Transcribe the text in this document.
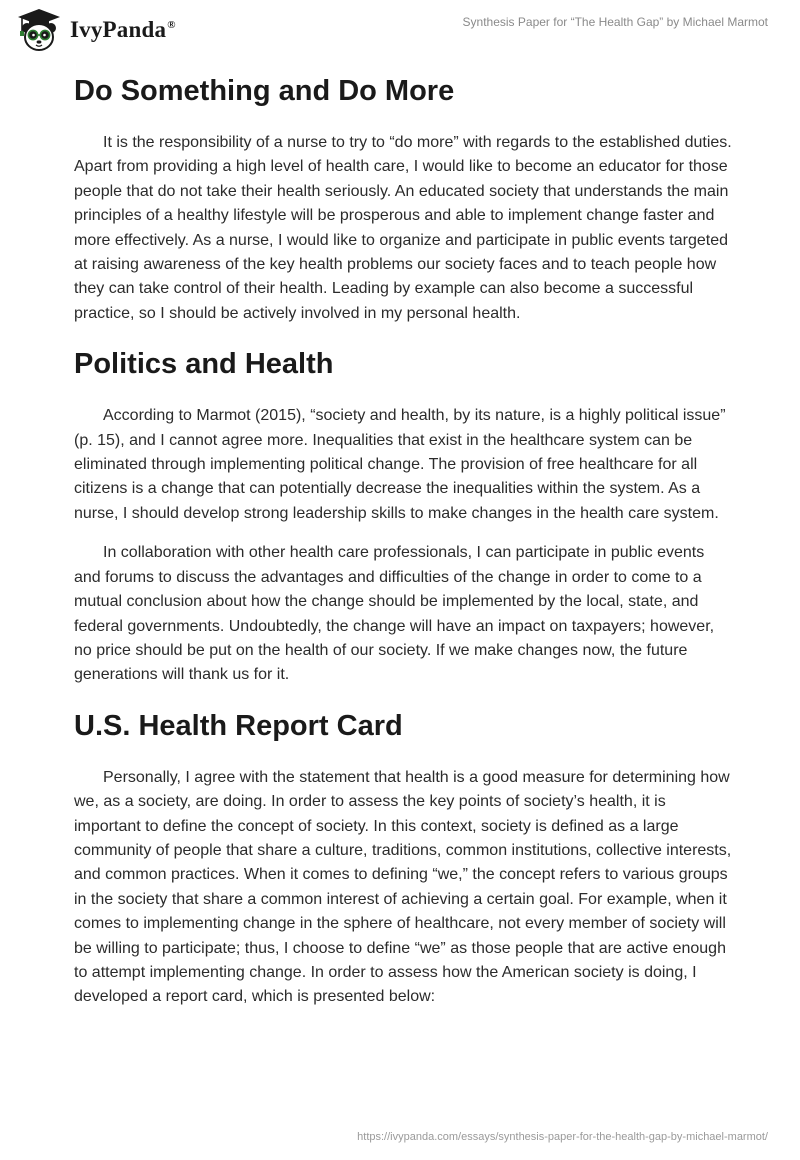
IvyPanda®	Synthesis Paper for “The Health Gap” by Michael Marmot
Do Something and Do More

It is the responsibility of a nurse to try to “do more” with regards to the established duties. Apart from providing a high level of health care, I would like to become an educator for those people that do not take their health seriously. An educated society that understands the main principles of a healthy lifestyle will be prosperous and able to implement change faster and more effectively. As a nurse, I would like to organize and participate in public events targeted at raising awareness of the key health problems our society faces and to teach people how they can take control of their health. Leading by example can also become a successful practice, so I should be actively involved in my personal health.

Politics and Health

According to Marmot (2015), “society and health, by its nature, is a highly political issue” (p. 15), and I cannot agree more. Inequalities that exist in the healthcare system can be eliminated through implementing political change. The provision of free healthcare for all citizens is a change that can potentially decrease the inequalities within the system. As a nurse, I should develop strong leadership skills to make changes in the health care system.

In collaboration with other health care professionals, I can participate in public events and forums to discuss the advantages and difficulties of the change in order to come to a mutual conclusion about how the change should be implemented by the local, state, and federal governments. Undoubtedly, the change will have an impact on taxpayers; however, no price should be put on the health of our society. If we make changes now, the future generations will thank us for it.

U.S. Health Report Card

Personally, I agree with the statement that health is a good measure for determining how we, as a society, are doing. In order to assess the key points of society’s health, it is important to define the concept of society. In this context, society is defined as a large community of people that share a culture, traditions, common institutions, collective interests, and common practices. When it comes to defining “we,” the concept refers to various groups in the society that share a common interest of achieving a certain goal. For example, when it comes to implementing change in the sphere of healthcare, not every member of society will be willing to participate; thus, I choose to define “we” as those people that are active enough to attempt implementing change. In order to assess how the American society is doing, I developed a report card, which is presented below:

https://ivypanda.com/essays/synthesis-paper-for-the-health-gap-by-michael-marmot/
